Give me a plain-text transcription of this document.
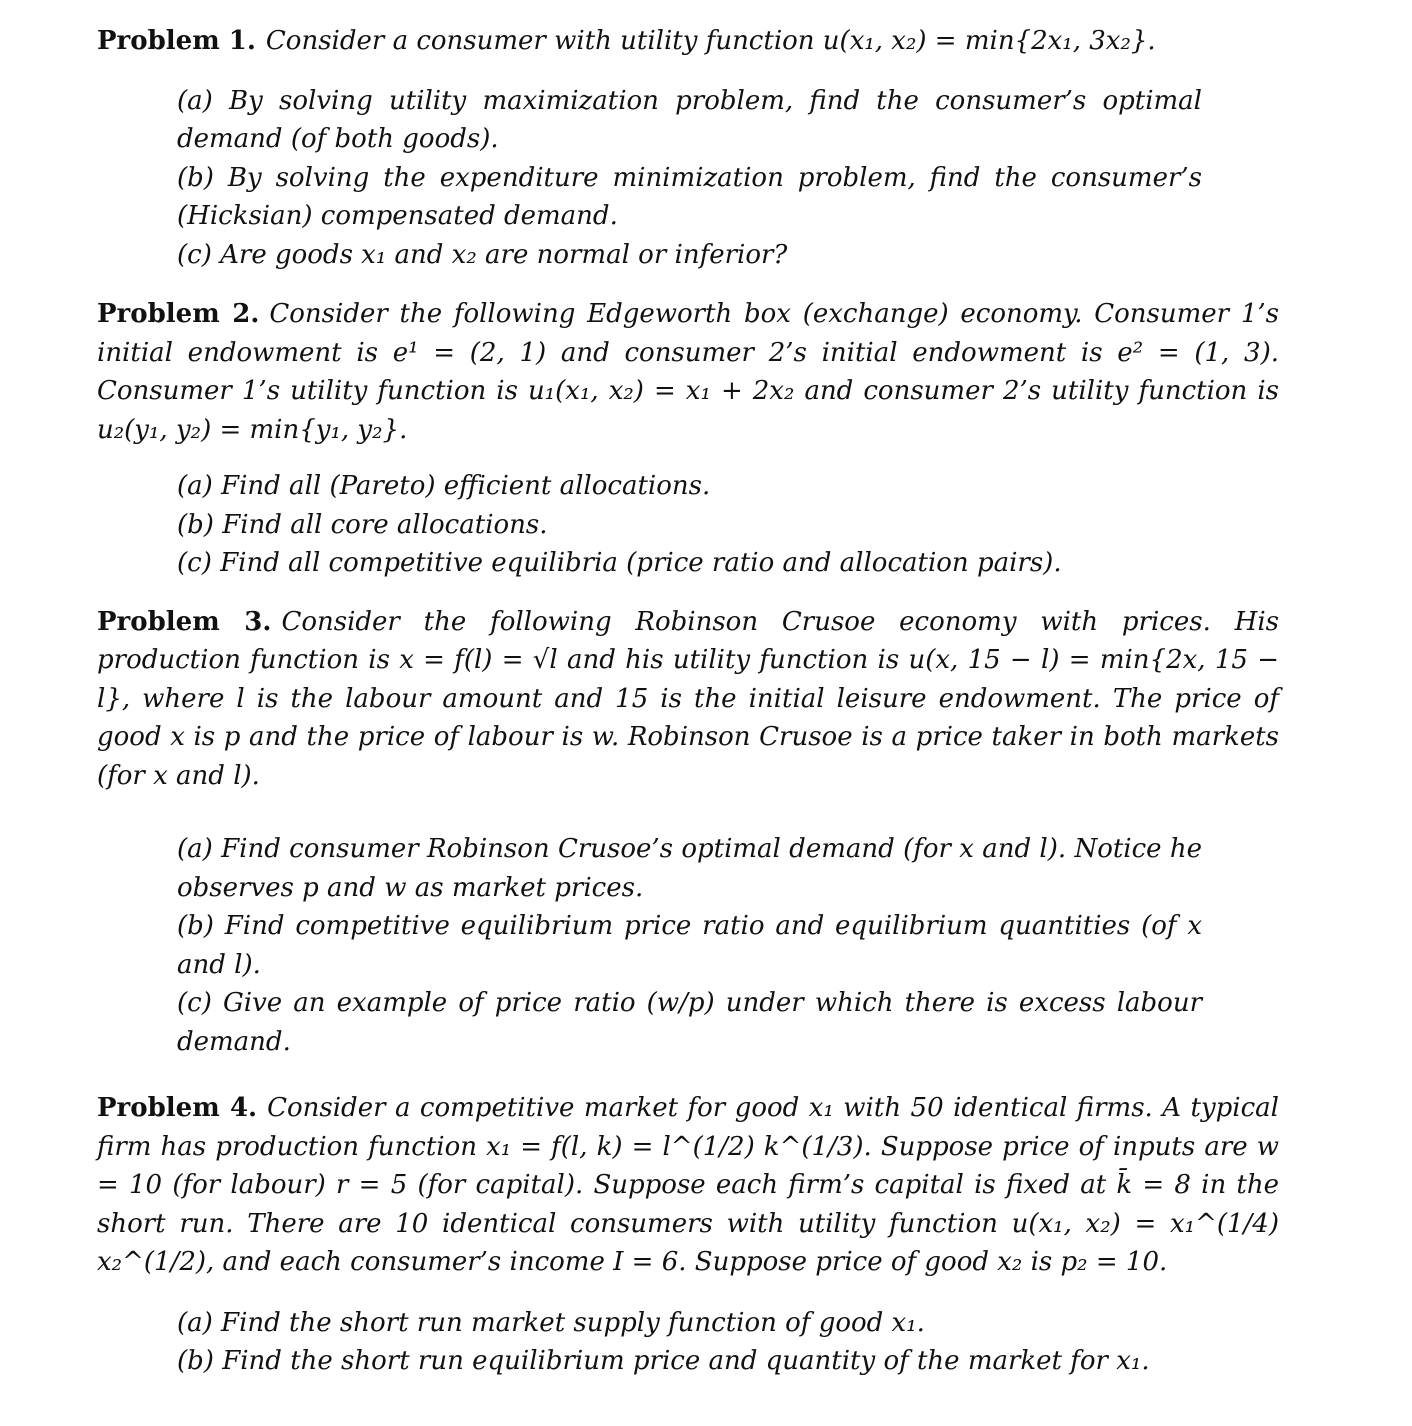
Problem 1. Consider a consumer with utility function u(x₁, x₂) = min{2x₁, 3x₂}.

(a) By solving utility maximization problem, find the consumer’s optimal demand (of both goods).

(b) By solving the expenditure minimization problem, find the consumer’s (Hicksian) compensated demand.

(c) Are goods x₁ and x₂ are normal or inferior?

Problem 2. Consider the following Edgeworth box (exchange) economy. Consumer 1’s initial endowment is e¹ = (2, 1) and consumer 2’s initial endowment is e² = (1, 3). Consumer 1’s utility function is u₁(x₁, x₂) = x₁ + 2x₂ and consumer 2’s utility function is u₂(y₁, y₂) = min{y₁, y₂}.

(a) Find all (Pareto) efficient allocations.

(b) Find all core allocations.

(c) Find all competitive equilibria (price ratio and allocation pairs).

Problem 3. Consider the following Robinson Crusoe economy with prices. His production function is x = f(l) = √l and his utility function is u(x, 15 − l) = min{2x, 15 − l}, where l is the labour amount and 15 is the initial leisure endowment. The price of good x is p and the price of labour is w. Robinson Crusoe is a price taker in both markets (for x and l).

(a) Find consumer Robinson Crusoe’s optimal demand (for x and l). Notice he observes p and w as market prices.

(b) Find competitive equilibrium price ratio and equilibrium quantities (of x and l).

(c) Give an example of price ratio (w/p) under which there is excess labour demand.

Problem 4. Consider a competitive market for good x₁ with 50 identical firms. A typical firm has production function x₁ = f(l, k) = l^(1/2) k^(1/3). Suppose price of inputs are w = 10 (for labour) r = 5 (for capital). Suppose each firm’s capital is fixed at k̄ = 8 in the short run. There are 10 identical consumers with utility function u(x₁, x₂) = x₁^(1/4) x₂^(1/2), and each consumer’s income I = 6. Suppose price of good x₂ is p₂ = 10.

(a) Find the short run market supply function of good x₁.

(b) Find the short run equilibrium price and quantity of the market for x₁.
